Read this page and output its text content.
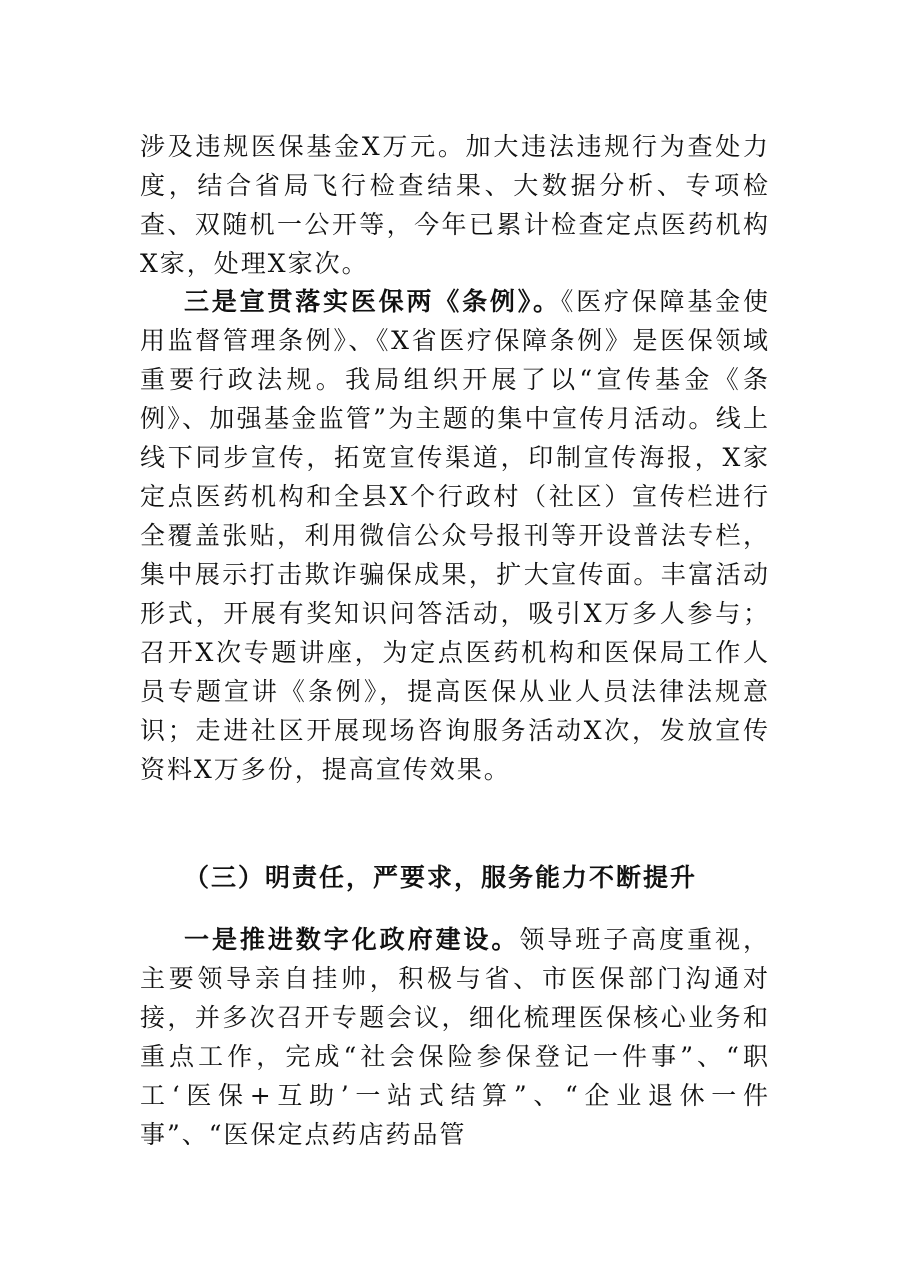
涉及违规医保基金X万元。加大违法违规行为查处力度，结合省局飞行检查结果、大数据分析、专项检查、双随机一公开等，今年已累计检查定点医药机构X家，处理X家次。

三是宣贯落实医保两《条例》。《医疗保障基金使用监督管理条例》、《X省医疗保障条例》是医保领域重要行政法规。我局组织开展了以“宣传基金《条例》、加强基金监管”为主题的集中宣传月活动。线上线下同步宣传，拓宽宣传渠道，印制宣传海报，X家定点医药机构和全县X个行政村（社区）宣传栏进行全覆盖张贴，利用微信公众号报刊等开设普法专栏，集中展示打击欺诈骗保成果，扩大宣传面。丰富活动形式，开展有奖知识问答活动，吸引X万多人参与；召开X次专题讲座，为定点医药机构和医保局工作人员专题宣讲《条例》，提高医保从业人员法律法规意识；走进社区开展现场咨询服务活动X次，发放宣传资料X万多份，提高宣传效果。

（三）明责任，严要求，服务能力不断提升

一是推进数字化政府建设。领导班子高度重视，主要领导亲自挂帅，积极与省、市医保部门沟通对接，并多次召开专题会议，细化梳理医保核心业务和重点工作，完成“社会保险参保登记一件事”、“职工‘医保+互助’一站式结算”、“企业退休一件事”、“医保定点药店药品管
